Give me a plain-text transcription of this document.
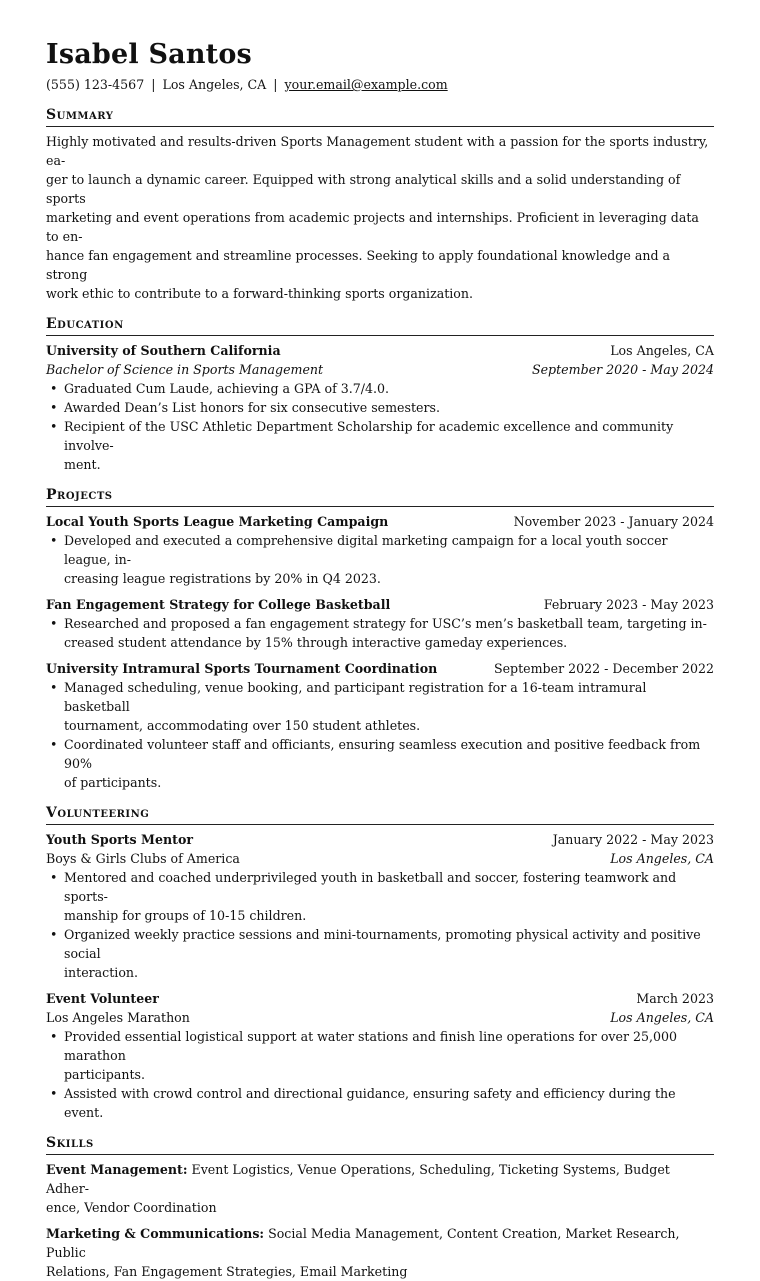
Isabel Santos
(555) 123-4567 | Los Angeles, CA | your.email@example.com
Summary
Highly motivated and results-driven Sports Management student with a passion for the sports industry, ea-
ger to launch a dynamic career. Equipped with strong analytical skills and a solid understanding of sports
marketing and event operations from academic projects and internships. Proficient in leveraging data to en-
hance fan engagement and streamline processes. Seeking to apply foundational knowledge and a strong
work ethic to contribute to a forward-thinking sports organization.
Education
University of Southern California	Los Angeles, CA
Bachelor of Science in Sports Management	September 2020 - May 2024
• Graduated Cum Laude, achieving a GPA of 3.7/4.0.
• Awarded Dean’s List honors for six consecutive semesters.
• Recipient of the USC Athletic Department Scholarship for academic excellence and community involve-
ment.
Projects
Local Youth Sports League Marketing Campaign	November 2023 - January 2024
• Developed and executed a comprehensive digital marketing campaign for a local youth soccer league, in-
creasing league registrations by 20% in Q4 2023.
Fan Engagement Strategy for College Basketball	February 2023 - May 2023
• Researched and proposed a fan engagement strategy for USC’s men’s basketball team, targeting in-
creased student attendance by 15% through interactive gameday experiences.
University Intramural Sports Tournament Coordination	September 2022 - December 2022
• Managed scheduling, venue booking, and participant registration for a 16-team intramural basketball
tournament, accommodating over 150 student athletes.
• Coordinated volunteer staff and officiants, ensuring seamless execution and positive feedback from 90%
of participants.
Volunteering
Youth Sports Mentor	January 2022 - May 2023
Boys & Girls Clubs of America	Los Angeles, CA
• Mentored and coached underprivileged youth in basketball and soccer, fostering teamwork and sports-
manship for groups of 10-15 children.
• Organized weekly practice sessions and mini-tournaments, promoting physical activity and positive social
interaction.
Event Volunteer	March 2023
Los Angeles Marathon	Los Angeles, CA
• Provided essential logistical support at water stations and finish line operations for over 25,000 marathon
participants.
• Assisted with crowd control and directional guidance, ensuring safety and efficiency during the event.
Skills
Event Management: Event Logistics, Venue Operations, Scheduling, Ticketing Systems, Budget Adher-
ence, Vendor Coordination
Marketing & Communications: Social Media Management, Content Creation, Market Research, Public
Relations, Fan Engagement Strategies, Email Marketing
